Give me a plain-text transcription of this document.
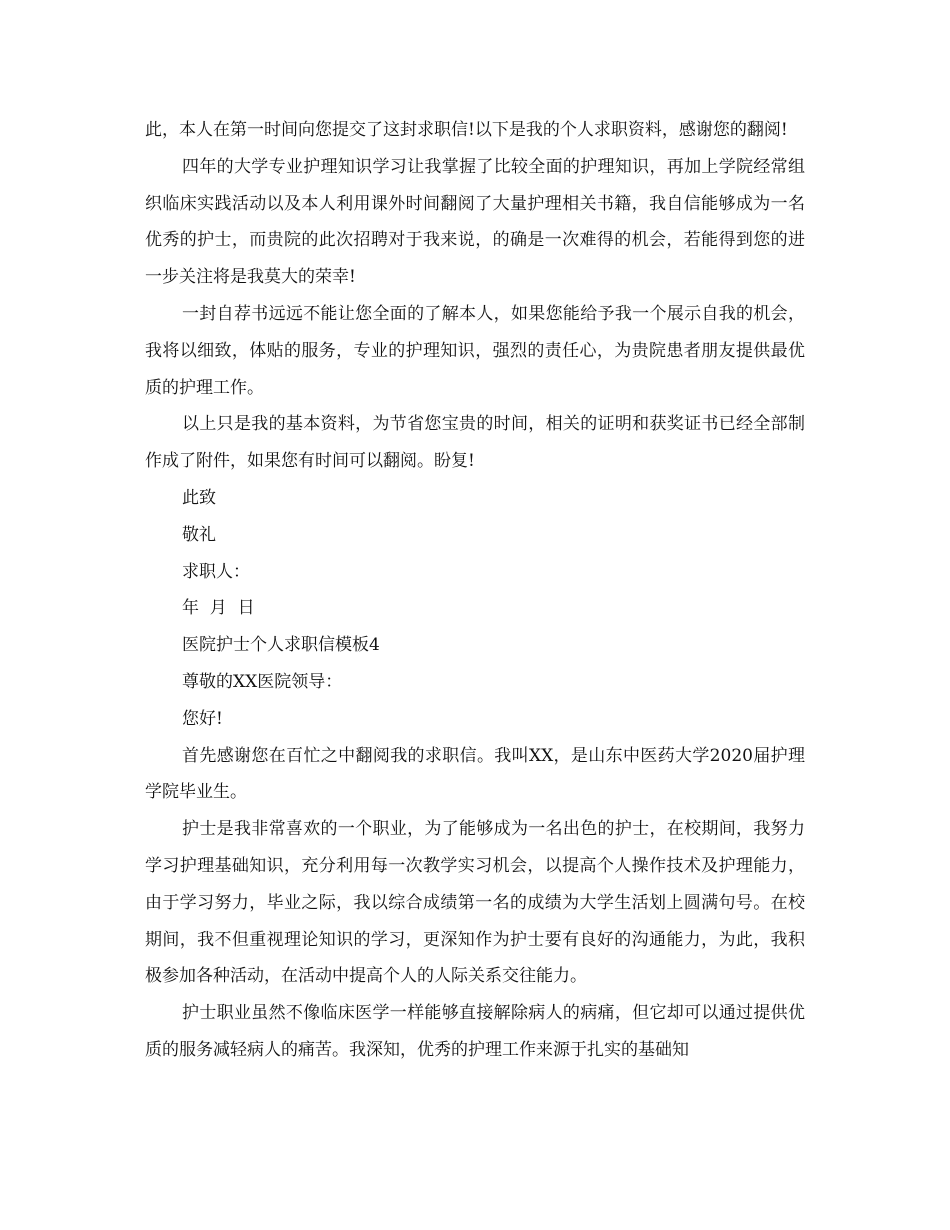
此，本人在第一时间向您提交了这封求职信!以下是我的个人求职资料，感谢您的翻阅!

四年的大学专业护理知识学习让我掌握了比较全面的护理知识，再加上学院经常组织临床实践活动以及本人利用课外时间翻阅了大量护理相关书籍，我自信能够成为一名优秀的护士，而贵院的此次招聘对于我来说，的确是一次难得的机会，若能得到您的进一步关注将是我莫大的荣幸!

一封自荐书远远不能让您全面的了解本人，如果您能给予我一个展示自我的机会，我将以细致，体贴的服务，专业的护理知识，强烈的责任心，为贵院患者朋友提供最优质的护理工作。

以上只是我的基本资料，为节省您宝贵的时间，相关的证明和获奖证书已经全部制作成了附件，如果您有时间可以翻阅。盼复!

此致

敬礼

求职人：

年  月  日

医院护士个人求职信模板4

尊敬的XX医院领导：

您好!

首先感谢您在百忙之中翻阅我的求职信。我叫XX，是山东中医药大学2020届护理学院毕业生。

护士是我非常喜欢的一个职业，为了能够成为一名出色的护士，在校期间，我努力学习护理基础知识，充分利用每一次教学实习机会，以提高个人操作技术及护理能力，由于学习努力，毕业之际，我以综合成绩第一名的成绩为大学生活划上圆满句号。在校期间，我不但重视理论知识的学习，更深知作为护士要有良好的沟通能力，为此，我积极参加各种活动，在活动中提高个人的人际关系交往能力。

护士职业虽然不像临床医学一样能够直接解除病人的病痛，但它却可以通过提供优质的服务减轻病人的痛苦。我深知，优秀的护理工作来源于扎实的基础知
